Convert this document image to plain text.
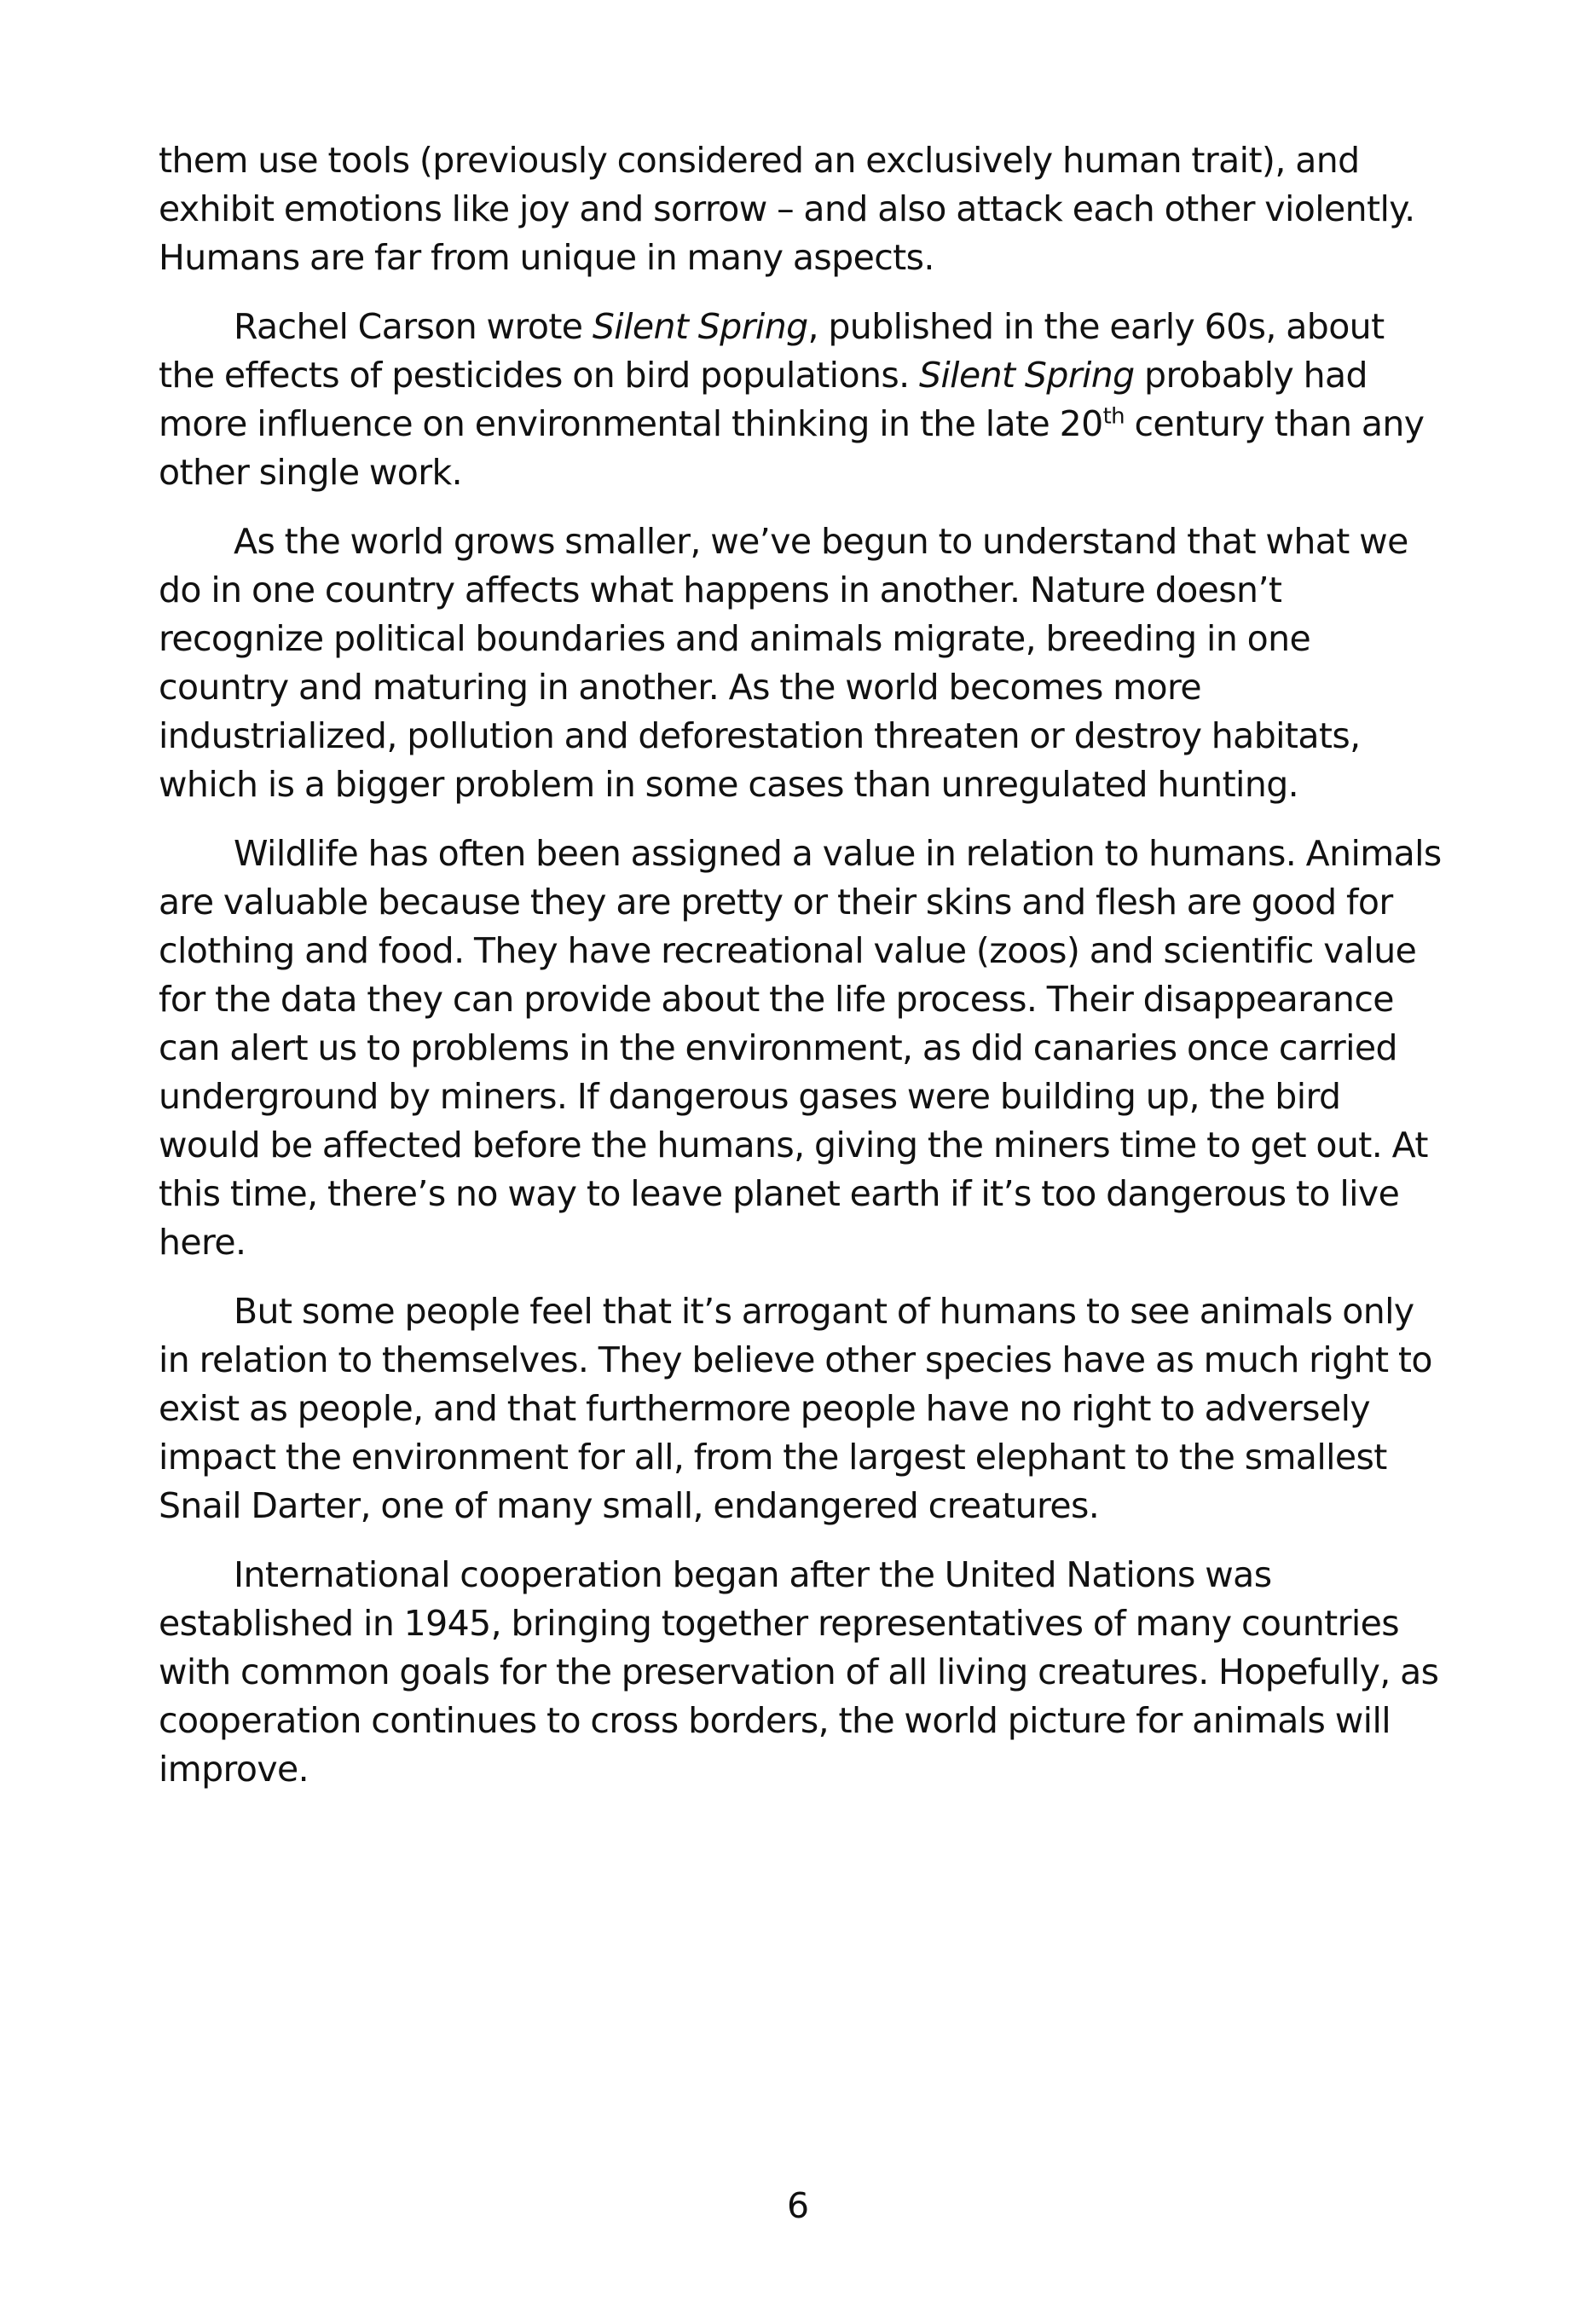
them use tools (previously considered an exclusively human trait), and exhibit emotions like joy and sorrow – and also attack each other violently. Humans are far from unique in many aspects.

Rachel Carson wrote Silent Spring, published in the early 60s, about the effects of pesticides on bird populations. Silent Spring probably had more influence on environmental thinking in the late 20th century than any other single work.

As the world grows smaller, we’ve begun to understand that what we do in one country affects what happens in another. Nature doesn’t recognize political boundaries and animals migrate, breeding in one country and maturing in another. As the world becomes more industrialized, pollution and deforestation threaten or destroy habitats, which is a bigger problem in some cases than unregulated hunting.

Wildlife has often been assigned a value in relation to humans. Animals are valuable because they are pretty or their skins and flesh are good for clothing and food. They have recreational value (zoos) and scientific value for the data they can provide about the life process. Their disappearance can alert us to problems in the environment, as did canaries once carried underground by miners. If dangerous gases were building up, the bird would be affected before the humans, giving the miners time to get out. At this time, there’s no way to leave planet earth if it’s too dangerous to live here.

But some people feel that it’s arrogant of humans to see animals only in relation to themselves. They believe other species have as much right to exist as people, and that furthermore people have no right to adversely impact the environment for all, from the largest elephant to the smallest Snail Darter, one of many small, endangered creatures.

International cooperation began after the United Nations was established in 1945, bringing together representatives of many countries with common goals for the preservation of all living creatures. Hopefully, as cooperation continues to cross borders, the world picture for animals will improve.

6
